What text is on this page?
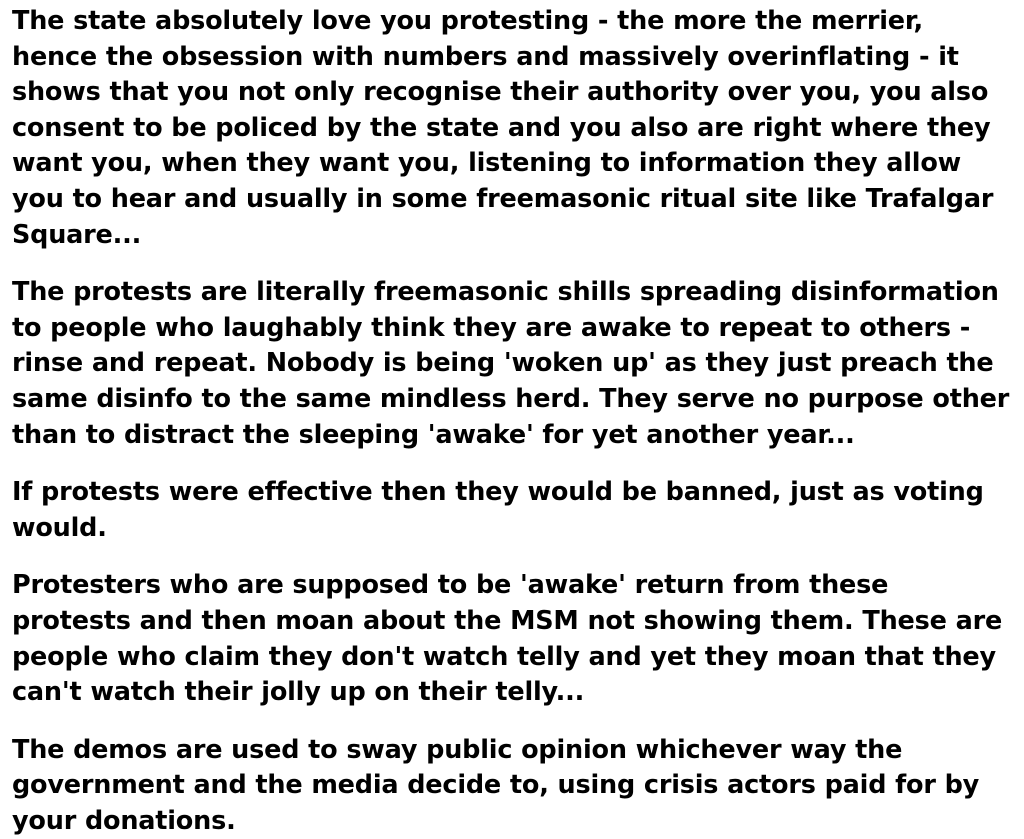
The state absolutely love you protesting - the more the merrier, hence the obsession with numbers and massively overinflating - it shows that you not only recognise their authority over you, you also consent to be policed by the state and you also are right where they want you, when they want you, listening to information they allow you to hear and usually in some freemasonic ritual site like Trafalgar Square...

The protests are literally freemasonic shills spreading disinformation to people who laughably think they are awake to repeat to others - rinse and repeat. Nobody is being 'woken up' as they just preach the same disinfo to the same mindless herd. They serve no purpose other than to distract the sleeping 'awake' for yet another year...

If protests were effective then they would be banned, just as voting would.

Protesters who are supposed to be 'awake' return from these protests and then moan about the MSM not showing them. These are people who claim they don't watch telly and yet they moan that they can't watch their jolly up on their telly...

The demos are used to sway public opinion whichever way the government and the media decide to, using crisis actors paid for by your donations.
